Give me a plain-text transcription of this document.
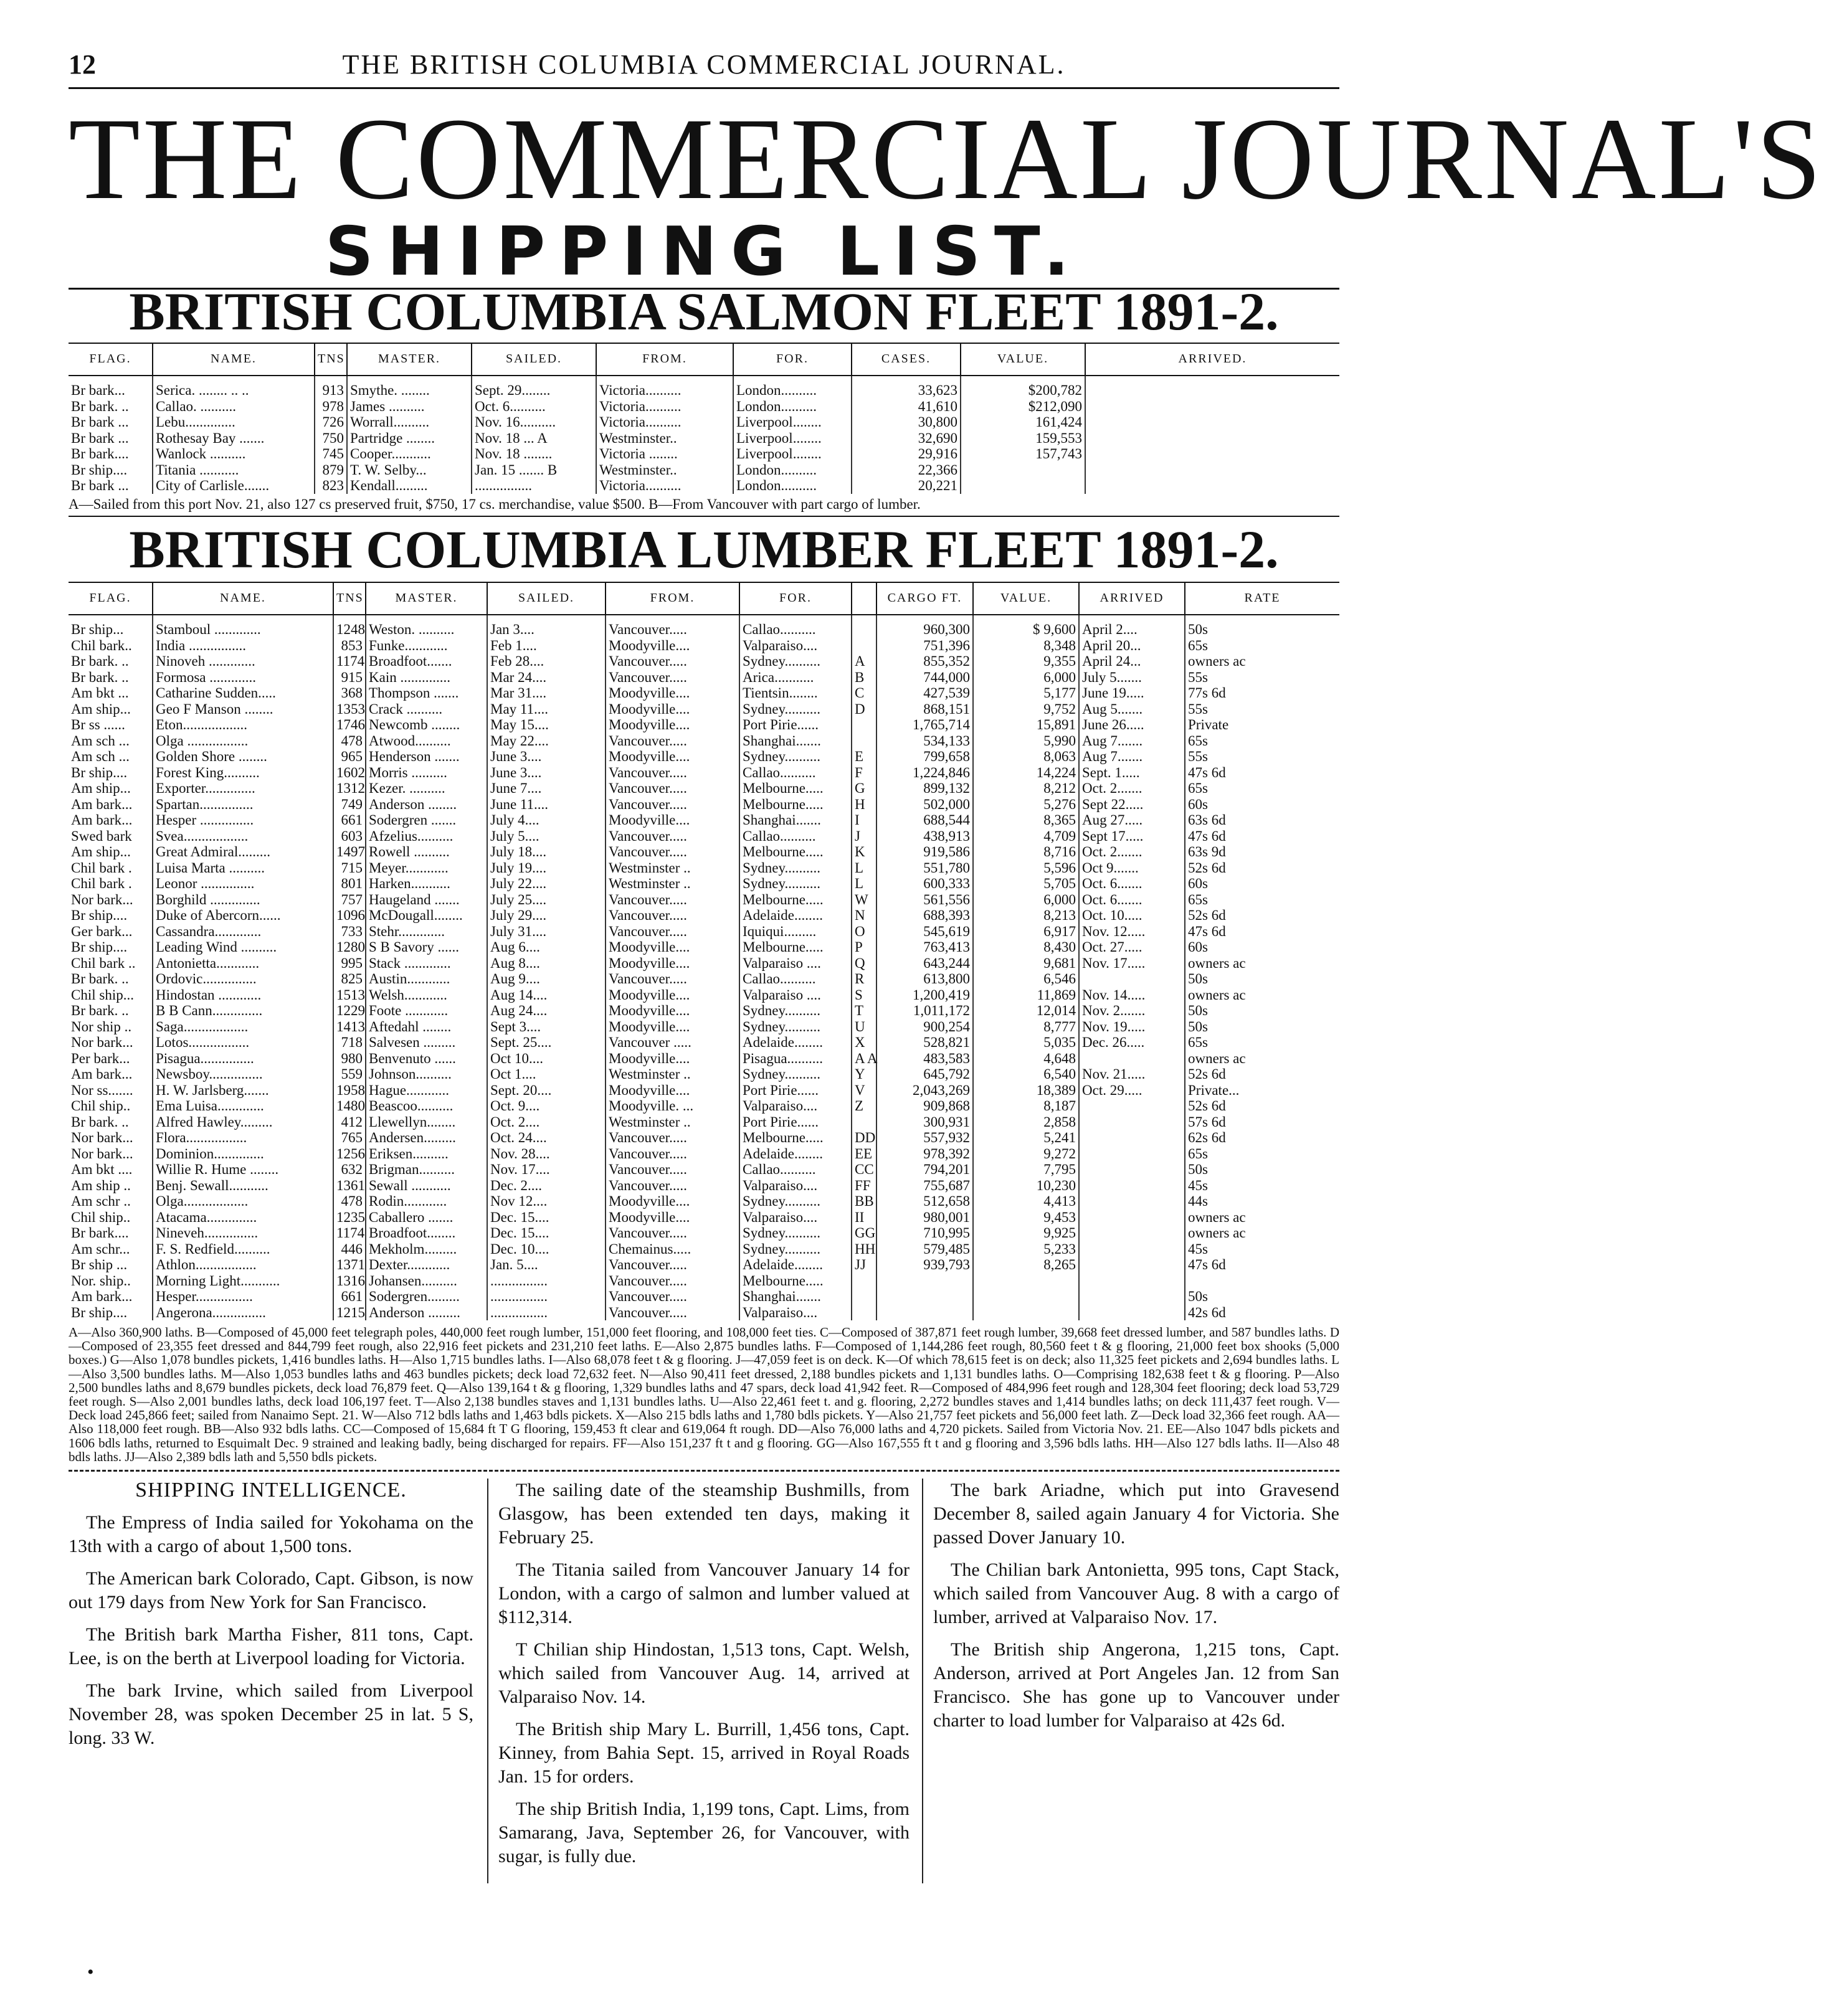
12	THE BRITISH COLUMBIA COMMERCIAL JOURNAL.
THE COMMERCIAL JOURNAL'S
SHIPPING LIST.
BRITISH COLUMBIA SALMON FLEET 1891-2.
FLAG.	NAME.	TNS	MASTER.	SAILED.	FROM.	FOR.	CASES.	VALUE.	ARRIVED.
Br bark...	Serica. ........ .. ..	913	Smythe. ........	Sept. 29........	Victoria..........	London..........	33,623	$200,782	
Br bark. ..	Callao. ..........	978	James ..........	Oct. 6..........	Victoria..........	London..........	41,610	$212,090	
Br bark ...	Lebu..............	726	Worrall..........	Nov. 16..........	Victoria..........	Liverpool........	30,800	161,424	
Br bark ...	Rothesay Bay .......	750	Partridge ........	Nov. 18 ... A	Westminster..	Liverpool........	32,690	159,553	
Br bark....	Wanlock ..........	745	Cooper...........	Nov. 18 ........	Victoria ........	Liverpool........	29,916	157,743	
Br ship....	Titania ...........	879	T. W. Selby...	Jan. 15 ....... B	Westminster..	London..........	22,366		
Br bark ...	City of Carlisle.......	823	Kendall.........	................	Victoria..........	London..........	20,221		
A—Sailed from this port Nov. 21, also 127 cs preserved fruit, $750, 17 cs. merchandise, value $500. B—From Vancouver with part cargo of lumber.
BRITISH COLUMBIA LUMBER FLEET 1891-2.
FLAG.	NAME.	TNS	MASTER.	SAILED.	FROM.	FOR.		CARGO FT.	VALUE.	ARRIVED	RATE
Br ship...	Stamboul .............	1248	Weston. ..........	Jan 3....	Vancouver.....	Callao..........		960,300	$ 9,600	April 2....	50s
Chil bark..	India ................	853	Funke............	Feb 1....	Moodyville....	Valparaiso....		751,396	8,348	April 20...	65s
Br bark. ..	Ninoveh .............	1174	Broadfoot.......	Feb 28....	Vancouver.....	Sydney..........	A	855,352	9,355	April 24...	owners ac
Br bark. ..	Formosa .............	915	Kain ..............	Mar 24....	Vancouver.....	Arica...........	B	744,000	6,000	July 5.......	55s
Am bkt ...	Catharine Sudden.....	368	Thompson .......	Mar 31....	Moodyville....	Tientsin........	C	427,539	5,177	June 19.....	77s 6d
Am ship...	Geo F Manson ........	1353	Crack ..........	May 11....	Moodyville....	Sydney..........	D	868,151	9,752	Aug 5.......	55s
Br ss ......	Eton..................	1746	Newcomb ........	May 15....	Moodyville....	Port Pirie......		1,765,714	15,891	June 26.....	Private
Am sch ...	Olga .................	478	Atwood..........	May 22....	Vancouver.....	Shanghai.......		534,133	5,990	Aug 7.......	65s
Am sch ...	Golden Shore ........	965	Henderson .......	June 3....	Moodyville....	Sydney..........	E	799,658	8,063	Aug 7.......	55s
Br ship....	Forest King..........	1602	Morris ..........	June 3....	Vancouver.....	Callao..........	F	1,224,846	14,224	Sept. 1.....	47s 6d
Am ship...	Exporter..............	1312	Kezer. ..........	June 7....	Vancouver.....	Melbourne.....	G	899,132	8,212	Oct. 2.......	65s
Am bark...	Spartan...............	749	Anderson ........	June 11....	Vancouver.....	Melbourne.....	H	502,000	5,276	Sept 22.....	60s
Am bark...	Hesper ...............	661	Sodergren .......	July 4....	Moodyville....	Shanghai.......	I	688,544	8,365	Aug 27.....	63s 6d
Swed bark	Svea..................	603	Afzelius..........	July 5....	Vancouver.....	Callao..........	J	438,913	4,709	Sept 17.....	47s 6d
Am ship...	Great Admiral.........	1497	Rowell ..........	July 18....	Vancouver.....	Melbourne.....	K	919,586	8,716	Oct. 2.......	63s 9d
Chil bark .	Luisa Marta ..........	715	Meyer............	July 19....	Westminster ..	Sydney..........	L	551,780	5,596	Oct 9.......	52s 6d
Chil bark .	Leonor ...............	801	Harken...........	July 22....	Westminster ..	Sydney..........	L	600,333	5,705	Oct. 6.......	60s
Nor bark...	Borghild ..............	757	Haugeland .......	July 25....	Vancouver.....	Melbourne.....	W	561,556	6,000	Oct. 6.......	65s
Br ship....	Duke of Abercorn......	1096	McDougall........	July 29....	Vancouver.....	Adelaide........	N	688,393	8,213	Oct. 10.....	52s 6d
Ger bark...	Cassandra.............	733	Stehr.............	July 31....	Vancouver.....	Iquiqui.........	O	545,619	6,917	Nov. 12.....	47s 6d
Br ship....	Leading Wind ..........	1280	S B Savory ......	Aug 6....	Moodyville....	Melbourne.....	P	763,413	8,430	Oct. 27.....	60s
Chil bark ..	Antonietta............	995	Stack .............	Aug 8....	Moodyville....	Valparaiso ....	Q	643,244	9,681	Nov. 17.....	owners ac
Br bark. ..	Ordovic...............	825	Austin............	Aug 9....	Vancouver.....	Callao..........	R	613,800	6,546		50s
Chil ship...	Hindostan ............	1513	Welsh............	Aug 14....	Moodyville....	Valparaiso ....	S	1,200,419	11,869	Nov. 14.....	owners ac
Br bark. ..	B B Cann..............	1229	Foote ............	Aug 24....	Moodyville....	Sydney..........	T	1,011,172	12,014	Nov. 2.......	50s
Nor ship ..	Saga..................	1413	Aftedahl ........	Sept 3....	Moodyville....	Sydney..........	U	900,254	8,777	Nov. 19.....	50s
Nor bark...	Lotos.................	718	Salvesen .........	Sept. 25....	Vancouver .....	Adelaide........	X	528,821	5,035	Dec. 26.....	65s
Per bark...	Pisagua...............	980	Benvenuto ......	Oct 10....	Moodyville....	Pisagua..........	A A	483,583	4,648		owners ac
Am bark...	Newsboy...............	559	Johnson..........	Oct 1....	Westminster ..	Sydney..........	Y	645,792	6,540	Nov. 21.....	52s 6d
Nor ss.......	H. W. Jarlsberg.......	1958	Hague............	Sept. 20....	Moodyville....	Port Pirie......	V	2,043,269	18,389	Oct. 29.....	Private...
Chil ship..	Ema Luisa.............	1480	Beascoo..........	Oct. 9....	Moodyville. ...	Valparaiso....	Z	909,868	8,187		52s 6d
Br bark. ..	Alfred Hawley.........	412	Llewellyn........	Oct. 2....	Westminster ..	Port Pirie......		300,931	2,858		57s 6d
Nor bark...	Flora.................	765	Andersen.........	Oct. 24....	Vancouver.....	Melbourne.....	DD	557,932	5,241		62s 6d
Nor bark...	Dominion..............	1256	Eriksen..........	Nov. 28....	Vancouver.....	Adelaide........	EE	978,392	9,272		65s
Am bkt ....	Willie R. Hume ........	632	Brigman..........	Nov. 17....	Vancouver.....	Callao..........	CC	794,201	7,795		50s
Am ship ..	Benj. Sewall...........	1361	Sewall ...........	Dec. 2....	Vancouver.....	Valparaiso....	FF	755,687	10,230		45s
Am schr ..	Olga..................	478	Rodin............	Nov 12....	Moodyville....	Sydney..........	BB	512,658	4,413		44s
Chil ship..	Atacama..............	1235	Caballero .......	Dec. 15....	Moodyville....	Valparaiso....	II	980,001	9,453		owners ac
Br bark....	Nineveh...............	1174	Broadfoot........	Dec. 15....	Vancouver.....	Sydney..........	GG	710,995	9,925		owners ac
Am schr...	F. S. Redfield..........	446	Mekholm.........	Dec. 10....	Chemainus.....	Sydney..........	HH	579,485	5,233		45s
Br ship ...	Athlon.................	1371	Dexter............	Jan. 5....	Vancouver.....	Adelaide........	JJ	939,793	8,265		47s 6d
Nor. ship..	Morning Light...........	1316	Johansen..........	................	Vancouver.....	Melbourne.....					
Am bark...	Hesper................	661	Sodergren.........	................	Vancouver.....	Shanghai.......					50s
Br ship....	Angerona...............	1215	Anderson .........	................	Vancouver.....	Valparaiso....					42s 6d
A—Also 360,900 laths. B—Composed of 45,000 feet telegraph poles, 440,000 feet rough lumber, 151,000 feet flooring, and 108,000 feet ties. C—Composed of 387,871 feet rough lumber, 39,668 feet dressed lumber, and 587 bundles laths. D—Composed of 23,355 feet dressed and 844,799 feet rough, also 22,916 feet pickets and 231,210 feet laths. E—Also 2,875 bundles laths. F—Composed of 1,144,286 feet rough, 80,560 feet t & g flooring, 21,000 feet box shooks (5,000 boxes.) G—Also 1,078 bundles pickets, 1,416 bundles laths. H—Also 1,715 bundles laths. I—Also 68,078 feet t & g flooring. J—47,059 feet is on deck. K—Of which 78,615 feet is on deck; also 11,325 feet pickets and 2,694 bundles laths. L—Also 3,500 bundles laths. M—Also 1,053 bundles laths and 463 bundles pickets; deck load 72,632 feet. N—Also 90,411 feet dressed, 2,188 bundles pickets and 1,131 bundles laths. O—Comprising 182,638 feet t & g flooring. P—Also 2,500 bundles laths and 8,679 bundles pickets, deck load 76,879 feet. Q—Also 139,164 t & g flooring, 1,329 bundles laths and 47 spars, deck load 41,942 feet. R—Composed of 484,996 feet rough and 128,304 feet flooring; deck load 53,729 feet rough. S—Also 2,001 bundles laths, deck load 106,197 feet. T—Also 2,138 bundles staves and 1,131 bundles laths. U—Also 22,461 feet t. and g. flooring, 2,272 bundles staves and 1,414 bundles laths; on deck 111,437 feet rough. V—Deck load 245,866 feet; sailed from Nanaimo Sept. 21. W—Also 712 bdls laths and 1,463 bdls pickets. X—Also 215 bdls laths and 1,780 bdls pickets. Y—Also 21,757 feet pickets and 56,000 feet lath. Z—Deck load 32,366 feet rough. AA—Also 118,000 feet rough. BB—Also 932 bdls laths. CC—Composed of 15,684 ft T G flooring, 159,453 ft clear and 619,064 ft rough. DD—Also 76,000 laths and 4,720 pickets. Sailed from Victoria Nov. 21. EE—Also 1047 bdls pickets and 1606 bdls laths, returned to Esquimalt Dec. 9 strained and leaking badly, being discharged for repairs. FF—Also 151,237 ft t and g flooring. GG—Also 167,555 ft t and g flooring and 3,596 bdls laths. HH—Also 127 bdls laths. II—Also 48 bdls laths. JJ—Also 2,389 bdls lath and 5,550 bdls pickets.

SHIPPING INTELLIGENCE.

The Empress of India sailed for Yokohama on the 13th with a cargo of about 1,500 tons.

The American bark Colorado, Capt. Gibson, is now out 179 days from New York for San Francisco.

The British bark Martha Fisher, 811 tons, Capt. Lee, is on the berth at Liverpool loading for Victoria.

The bark Irvine, which sailed from Liverpool November 28, was spoken December 25 in lat. 5 S, long. 33 W.

The sailing date of the steamship Bushmills, from Glasgow, has been extended ten days, making it February 25.

The Titania sailed from Vancouver January 14 for London, with a cargo of salmon and lumber valued at $112,314.

T Chilian ship Hindostan, 1,513 tons, Capt. Welsh, which sailed from Vancouver Aug. 14, arrived at Valparaiso Nov. 14.

The British ship Mary L. Burrill, 1,456 tons, Capt. Kinney, from Bahia Sept. 15, arrived in Royal Roads Jan. 15 for orders.

The ship British India, 1,199 tons, Capt. Lims, from Samarang, Java, September 26, for Vancouver, with sugar, is fully due.

The bark Ariadne, which put into Gravesend December 8, sailed again January 4 for Victoria. She passed Dover January 10.

The Chilian bark Antonietta, 995 tons, Capt Stack, which sailed from Vancouver Aug. 8 with a cargo of lumber, arrived at Valparaiso Nov. 17.

The British ship Angerona, 1,215 tons, Capt. Anderson, arrived at Port Angeles Jan. 12 from San Francisco. She has gone up to Vancouver under charter to load lumber for Valparaiso at 42s 6d.

•
